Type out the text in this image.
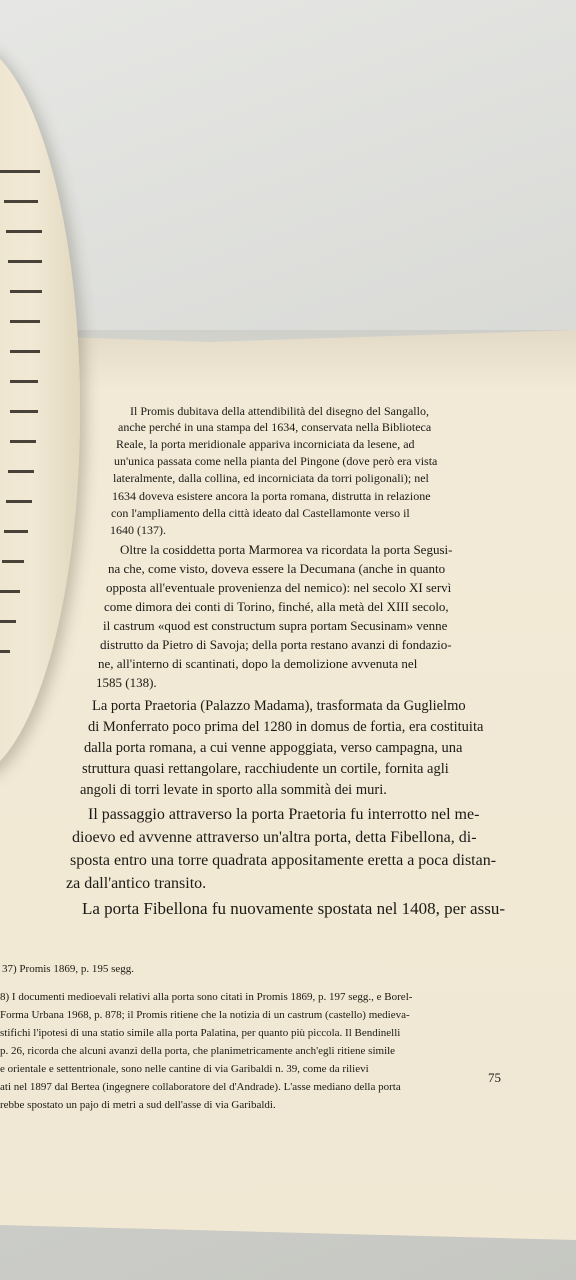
Il Promis dubitava della attendibilità del disegno del Sangallo,
anche perché in una stampa del 1634, conservata nella Biblioteca
Reale, la porta meridionale appariva incorniciata da lesene, ad
un'unica passata come nella pianta del Pingone (dove però era vista
lateralmente, dalla collina, ed incorniciata da torri poligonali); nel
1634 doveva esistere ancora la porta romana, distrutta in relazione
con l'ampliamento della città ideato dal Castellamonte verso il
1640 (137).
Oltre la cosiddetta porta Marmorea va ricordata la porta Segusi-
na che, come visto, doveva essere la Decumana (anche in quanto
opposta all'eventuale provenienza del nemico): nel secolo XI servì
come dimora dei conti di Torino, finché, alla metà del XIII secolo,
il castrum «quod est constructum supra portam Secusinam» venne
distrutto da Pietro di Savoja; della porta restano avanzi di fondazio-
ne, all'interno di scantinati, dopo la demolizione avvenuta nel
1585 (138).
La porta Praetoria (Palazzo Madama), trasformata da Guglielmo
di Monferrato poco prima del 1280 in domus de fortia, era costituita
dalla porta romana, a cui venne appoggiata, verso campagna, una
struttura quasi rettangolare, racchiudente un cortile, fornita agli
angoli di torri levate in sporto alla sommità dei muri.
Il passaggio attraverso la porta Praetoria fu interrotto nel me-
dioevo ed avvenne attraverso un'altra porta, detta Fibellona, di-
sposta entro una torre quadrata appositamente eretta a poca distan-
za dall'antico transito.
La porta Fibellona fu nuovamente spostata nel 1408, per assu-
37) Promis 1869, p. 195 segg.
8) I documenti medioevali relativi alla porta sono citati in Promis 1869, p. 197 segg., e Borel-
Forma Urbana 1968, p. 878; il Promis ritiene che la notizia di un castrum (castello) medieva-
stifichi l'ipotesi di una statio simile alla porta Palatina, per quanto più piccola. Il Bendinelli
p. 26, ricorda che alcuni avanzi della porta, che planimetricamente anch'egli ritiene simile
e orientale e settentrionale, sono nelle cantine di via Garibaldi n. 39, come da rilievi
ati nel 1897 dal Bertea (ingegnere collaboratore del d'Andrade). L'asse mediano della porta
rebbe spostato un pajo di metri a sud dell'asse di via Garibaldi.
75
